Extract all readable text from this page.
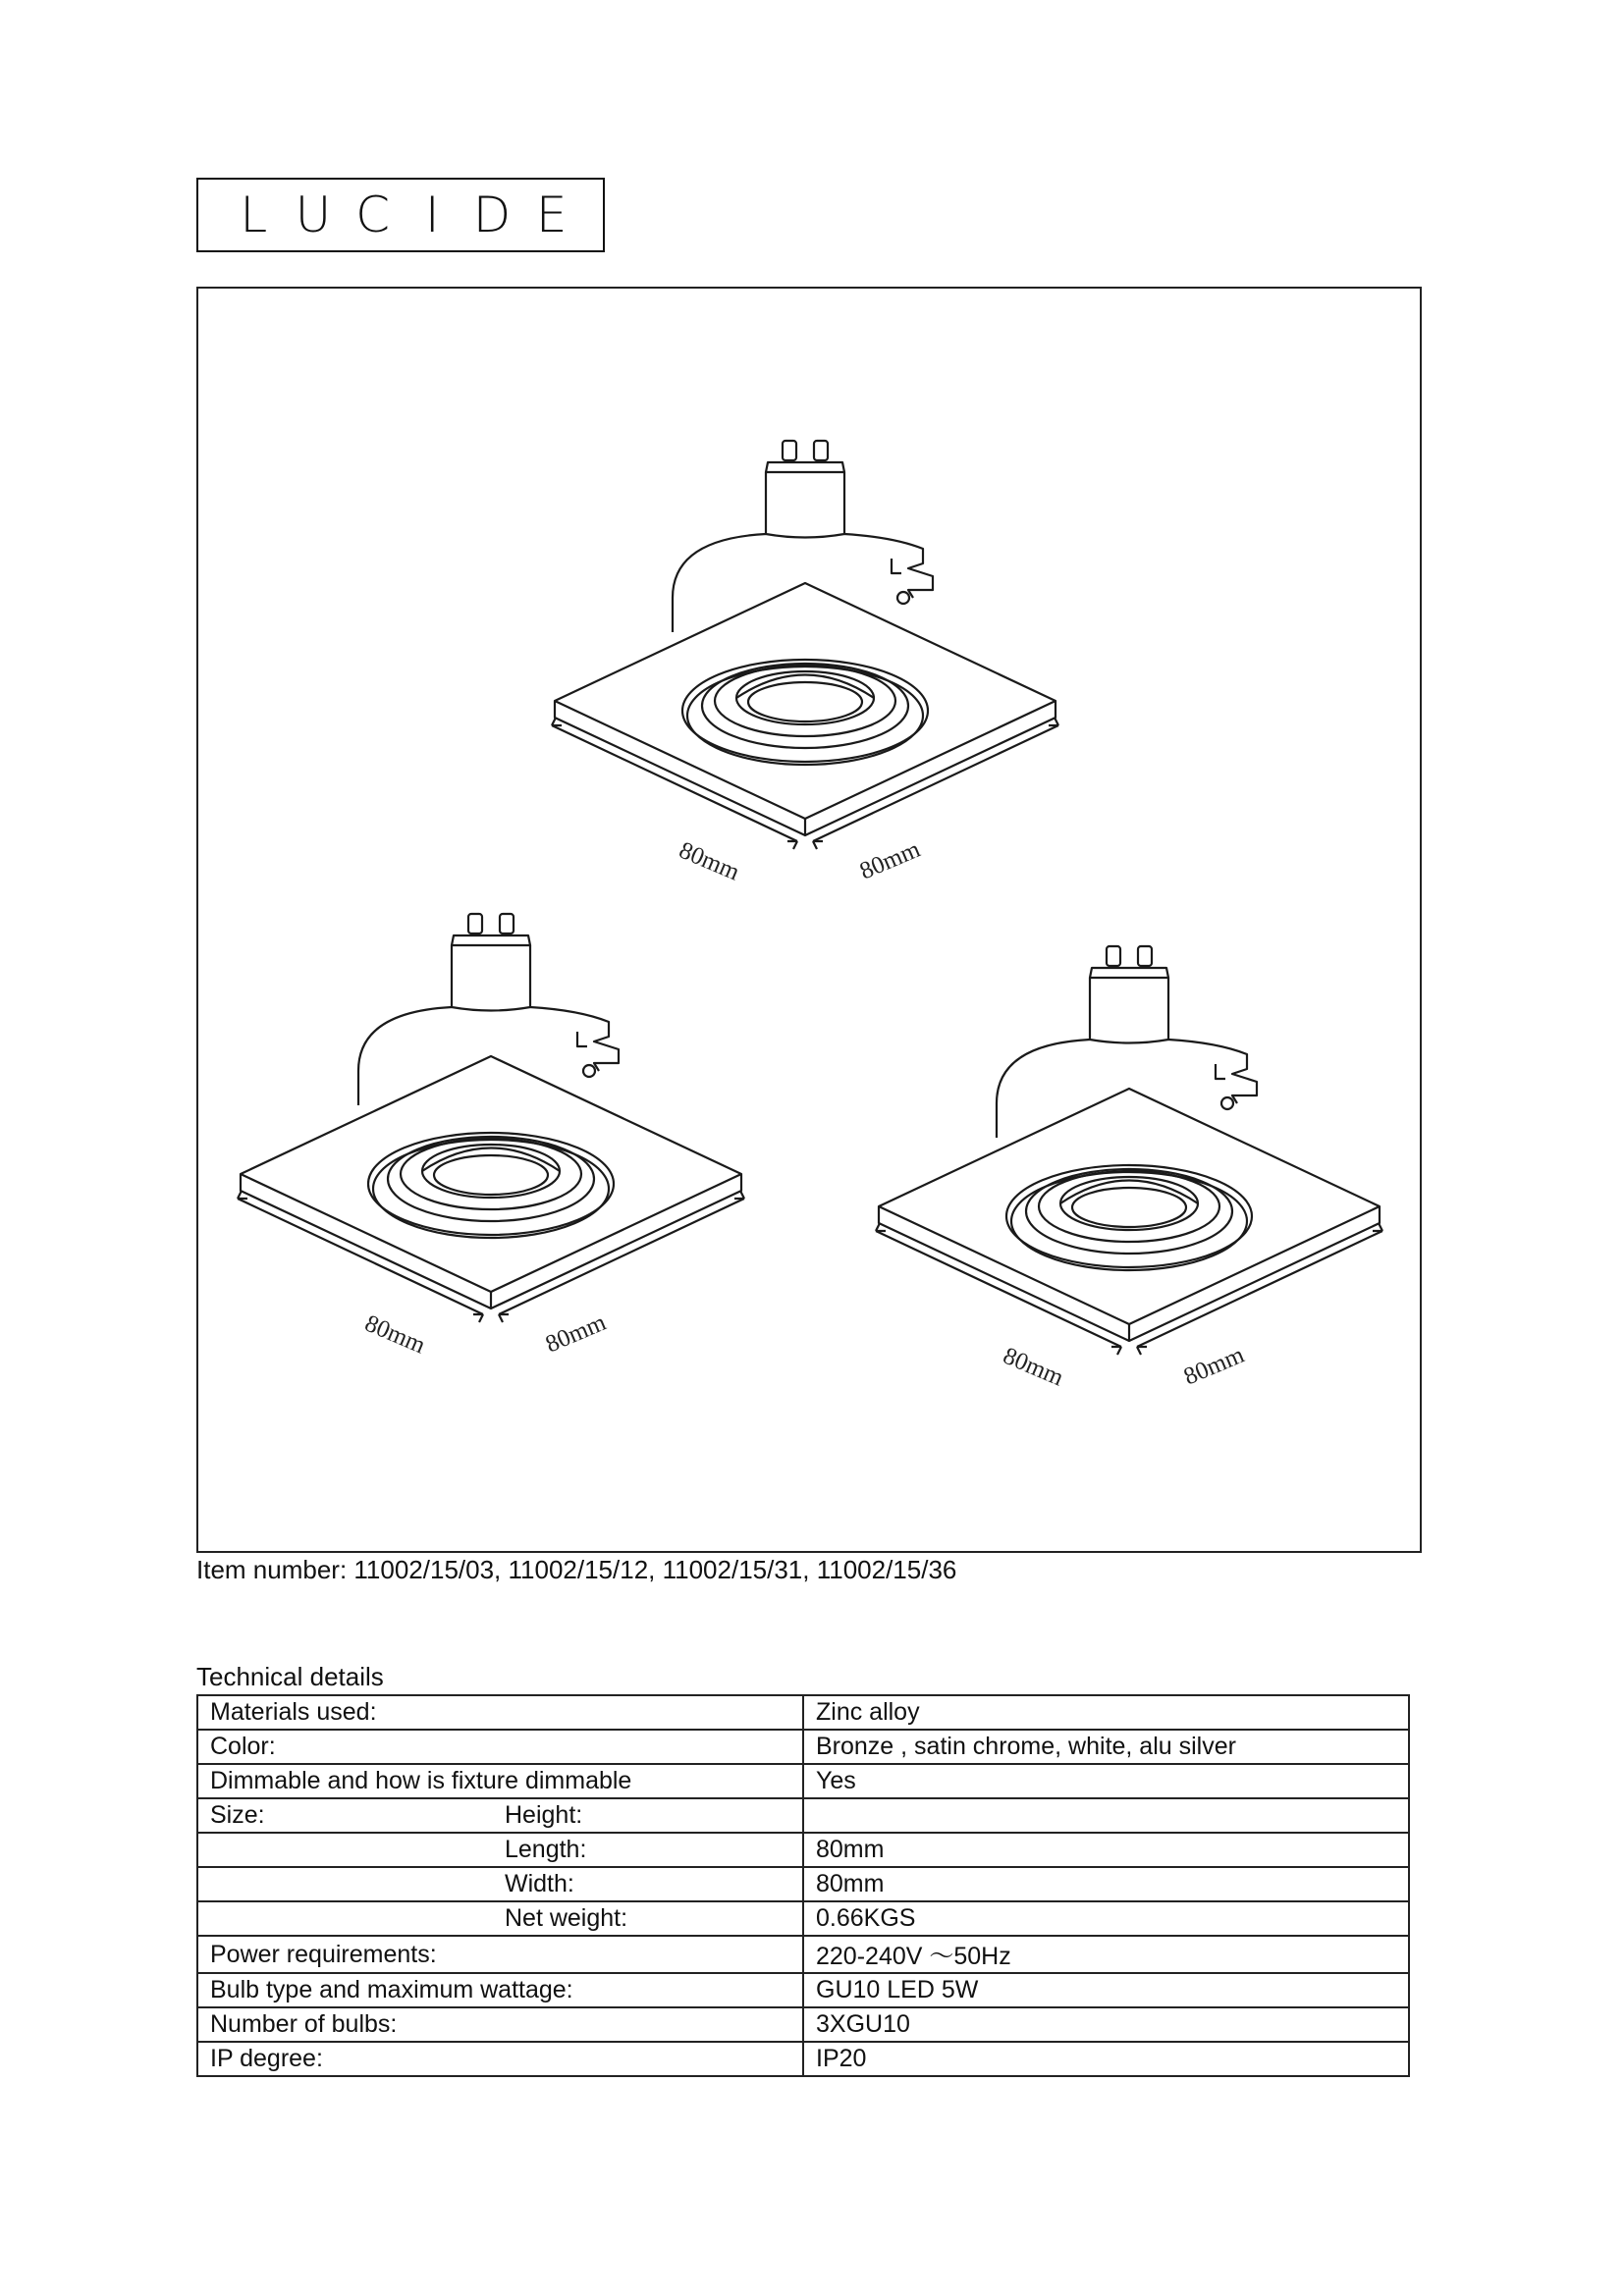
L U C I D E
80mm	80mm
80mm	80mm
80mm	80mm
Item number: 11002/15/03, 11002/15/12, 11002/15/31, 11002/15/36
Technical details
Materials used:	Zinc alloy
Color:	Bronze , satin chrome, white, alu silver
Dimmable and how is fixture dimmable	Yes
Size: Height:	
Length:	80mm
Width:	80mm
Net weight:	0.66KGS
Power requirements:	220-240V ～50Hz
Bulb type and maximum wattage:	GU10 LED 5W
Number of bulbs:	3XGU10
IP degree:	IP20
